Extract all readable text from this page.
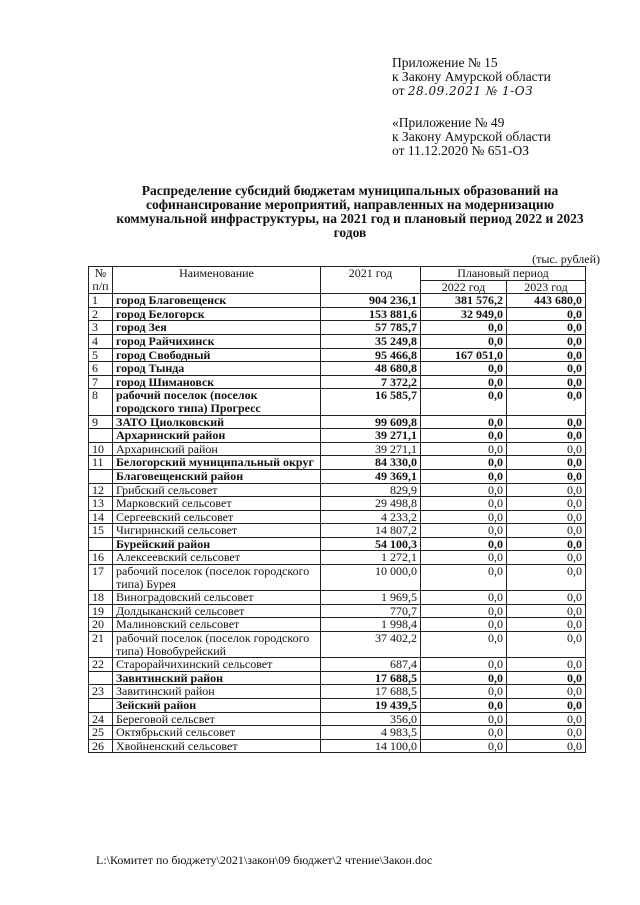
Приложение № 15
к Закону Амурской области
от 28.09.2021 № 1-ОЗ
«Приложение № 49
к Закону Амурской области
от 11.12.2020 № 651-ОЗ
Распределение субсидий бюджетам муниципальных образований на софинансирование мероприятий, направленных на модернизацию коммунальной инфраструктуры, на 2021 год и плановый период 2022 и 2023 годов
(тыс. рублей)
№ п/п	Наименование	2021 год	Плановый период	
			2022 год	2023 год
1	город Благовещенск	904 236,1	381 576,2	443 680,0
2	город Белогорск	153 881,6	32 949,0	0,0
3	город Зея	57 785,7	0,0	0,0
4	город Райчихинск	35 249,8	0,0	0,0
5	город Свободный	95 466,8	167 051,0	0,0
6	город Тында	48 680,8	0,0	0,0
7	город Шимановск	7 372,2	0,0	0,0
8	рабочий поселок (поселок городского типа) Прогресс	16 585,7	0,0	0,0
9	ЗАТО Циолковский	99 609,8	0,0	0,0
	Архаринский район	39 271,1	0,0	0,0
10	Архаринский район	39 271,1	0,0	0,0
11	Белогорский муниципальный округ	84 330,0	0,0	0,0
	Благовещенский район	49 369,1	0,0	0,0
12	Грибский сельсовет	829,9	0,0	0,0
13	Марковский сельсовет	29 498,8	0,0	0,0
14	Сергеевский сельсовет	4 233,2	0,0	0,0
15	Чигиринский сельсовет	14 807,2	0,0	0,0
	Бурейский район	54 100,3	0,0	0,0
16	Алексеевский сельсовет	1 272,1	0,0	0,0
17	рабочий поселок (поселок городского типа) Бурея	10 000,0	0,0	0,0
18	Виноградовский сельсовет	1 969,5	0,0	0,0
19	Долдыканский сельсовет	770,7	0,0	0,0
20	Малиновский сельсовет	1 998,4	0,0	0,0
21	рабочий поселок (поселок городского типа) Новобурейский	37 402,2	0,0	0,0
22	Старорайчихинский сельсовет	687,4	0,0	0,0
	Завитинский район	17 688,5	0,0	0,0
23	Завитинский район	17 688,5	0,0	0,0
	Зейский район	19 439,5	0,0	0,0
24	Береговой сельсвет	356,0	0,0	0,0
25	Октябрьский сельсовет	4 983,5	0,0	0,0
26	Хвойненский сельсовет	14 100,0	0,0	0,0
L:\Комитет по бюджету\2021\закон\09 бюджет\2 чтение\Закон.doc
